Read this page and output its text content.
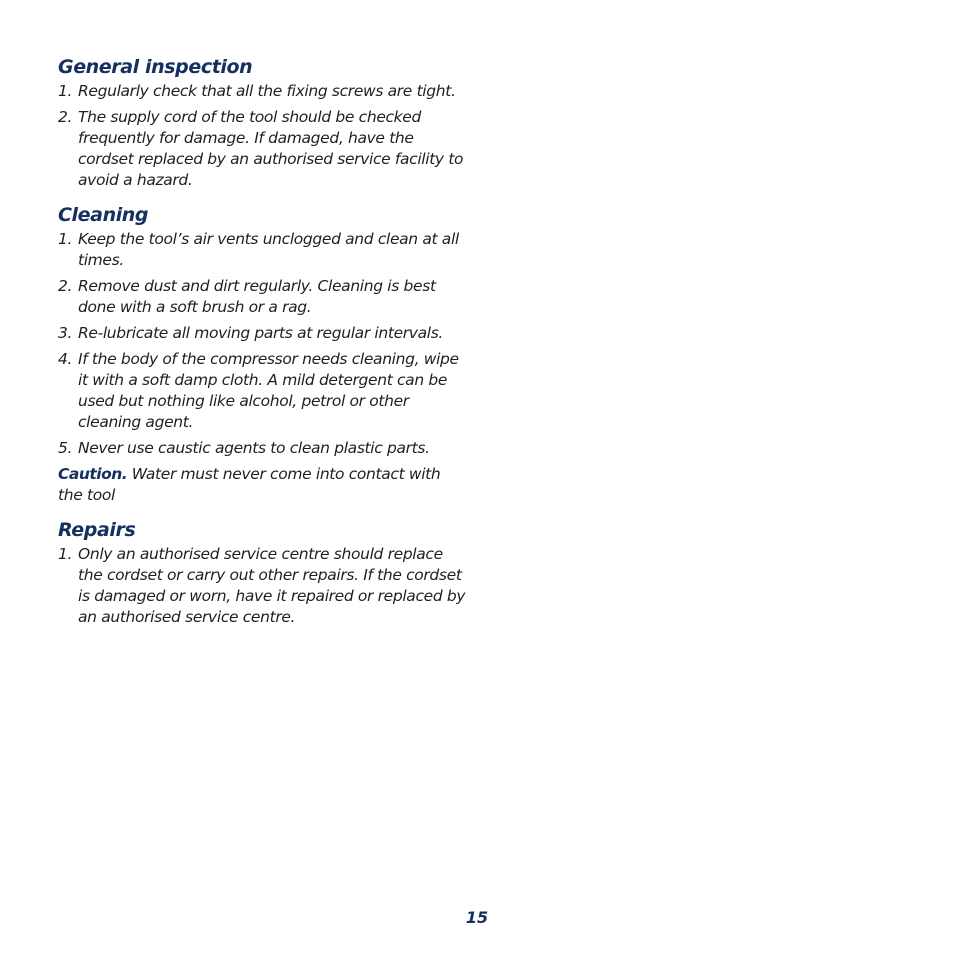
General inspection
1. Regularly check that all the fixing screws are tight.
2. The supply cord of the tool should be checked frequently for damage. If damaged, have the cordset replaced by an authorised service facility to avoid a hazard.
Cleaning
1. Keep the tool’s air vents unclogged and clean at all times.
2. Remove dust and dirt regularly. Cleaning is best done with a soft brush or a rag.
3. Re-lubricate all moving parts at regular intervals.
4. If the body of the compressor needs cleaning, wipe it with a soft damp cloth. A mild detergent can be used but nothing like alcohol, petrol or other cleaning agent.
5. Never use caustic agents to clean plastic parts.

Caution. Water must never come into contact with the tool

Repairs
1. Only an authorised service centre should replace the cordset or carry out other repairs. If the cordset is damaged or worn, have it repaired or replaced by an authorised service centre.
15
